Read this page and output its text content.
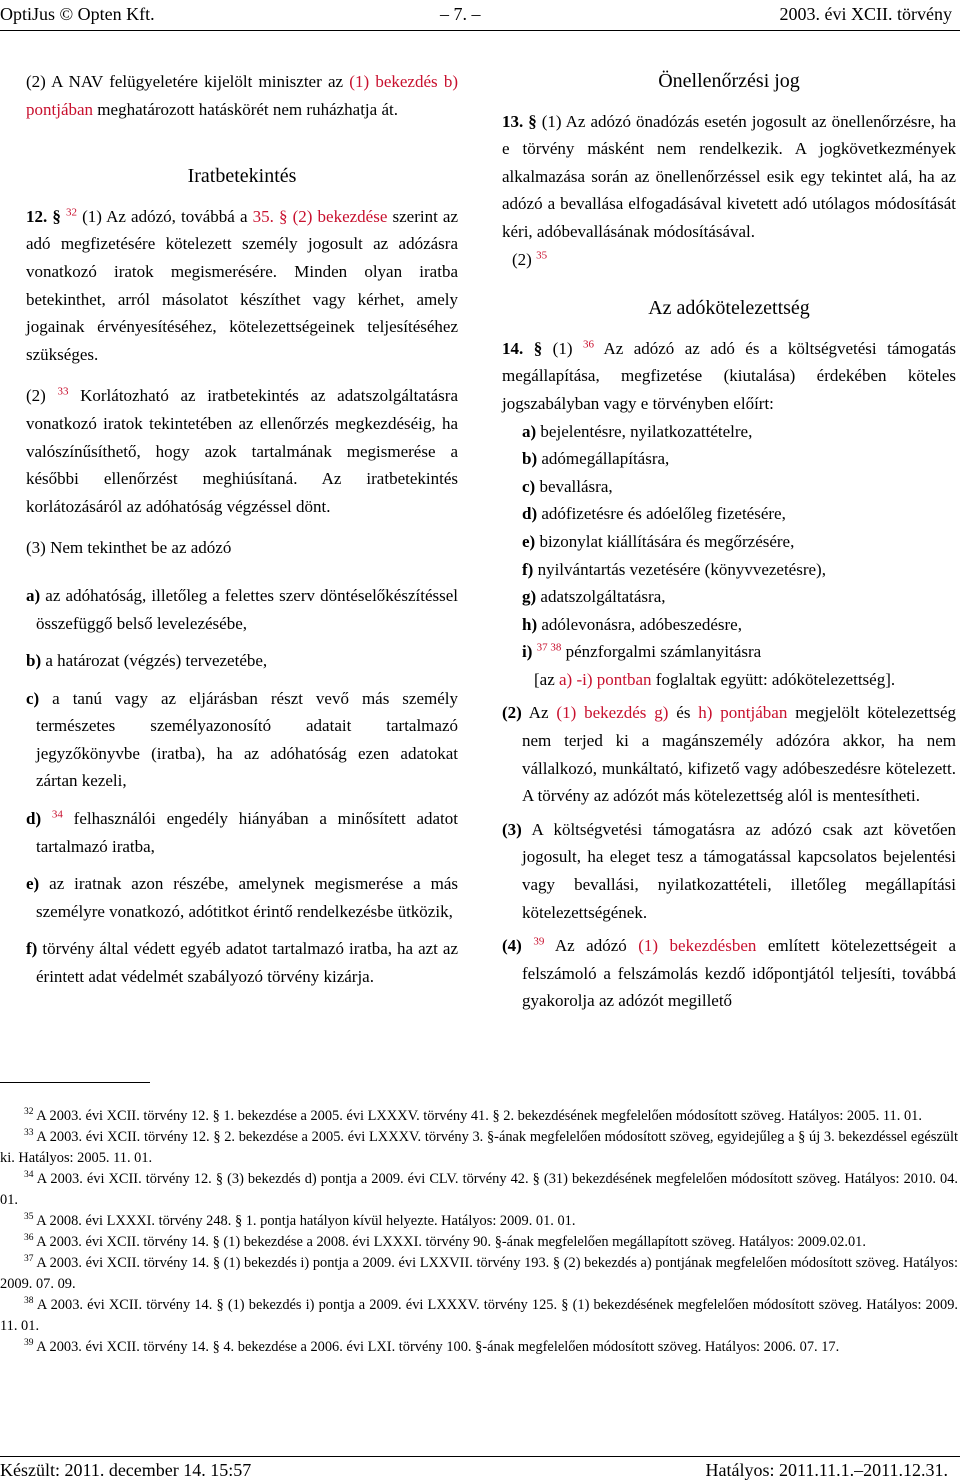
OptiJus © Opten Kft.	– 7. –	2003. évi XCII. törvény

(2) A NAV felügyeletére kijelölt miniszter az (1) bekezdés b) pontjában meghatározott hatáskörét nem ruházhatja át.

Iratbetekintés

12. § $^{32}$ (1) Az adózó, továbbá a 35. § (2) bekezdése szerint az adó megfizetésére kötelezett személy jogosult az adózásra vonatkozó iratok megismerésére. Minden olyan iratba betekinthet, arról másolatot készíthet vagy kérhet, amely jogainak érvényesítéséhez, kötelezettségeinek teljesítéséhez szükséges.

(2) $^{33}$ Korlátozható az iratbetekintés az adatszolgáltatásra vonatkozó iratok tekintetében az ellenőrzés megkezdéséig, ha valószínűsíthető, hogy azok tartalmának megismerése a későbbi ellenőrzést meghiúsítaná. Az iratbetekintés korlátozásáról az adóhatóság végzéssel dönt.

(3) Nem tekinthet be az adózó

a) az adóhatóság, illetőleg a felettes szerv döntéselőkészítéssel összefüggő belső levelezésébe,

b) a határozat (végzés) tervezetébe,

c) a tanú vagy az eljárásban részt vevő más személy természetes személyazonosító adatait tartalmazó jegyzőkönyvbe (iratba), ha az adóhatóság ezen adatokat zártan kezeli,

d) $^{34}$ felhasználói engedély hiányában a minősített adatot tartalmazó iratba,

e) az iratnak azon részébe, amelynek megismerése a más személyre vonatkozó, adótitkot érintő rendelkezésbe ütközik,

f) törvény által védett egyéb adatot tartalmazó iratba, ha azt az érintett adat védelmét szabályozó törvény kizárja.

Önellenőrzési jog

13. § (1) Az adózó önadózás esetén jogosult az önellenőrzésre, ha e törvény másként nem rendelkezik. A jogkövetkezmények alkalmazása során az önellenőrzéssel esik egy tekintet alá, ha az adózó a bevallása elfogadásával kivetett adó utólagos módosítását kéri, adóbevallásának módosításával.

(2) $^{35}$

Az adókötelezettség

14. § (1) $^{36}$ Az adózó az adó és a költségvetési támogatás megállapítása, megfizetése (kiutalása) érdekében köteles jogszabályban vagy e törvényben előírt:

a) bejelentésre, nyilatkozattételre,

b) adómegállapításra,

c) bevallásra,

d) adófizetésre és adóelőleg fizetésére,

e) bizonylat kiállítására és megőrzésére,

f) nyilvántartás vezetésére (könyvvezetésre),

g) adatszolgáltatásra,

h) adólevonásra, adóbeszedésre,

i) $^{37 38}$ pénzforgalmi számlanyitásra

[az a) -i) pontban foglaltak együtt: adókötelezettség].

(2) Az (1) bekezdés g) és h) pontjában megjelölt kötelezettség nem terjed ki a magánszemély adózóra akkor, ha nem vállalkozó, munkáltató, kifizető vagy adóbeszedésre kötelezett. A törvény az adózót más kötelezettség alól is mentesítheti.

(3) A költségvetési támogatásra az adózó csak azt követően jogosult, ha eleget tesz a támogatással kapcsolatos bejelentési vagy bevallási, nyilatkozattételi, illetőleg megállapítási kötelezettségének.

(4) $^{39}$ Az adózó (1) bekezdésben említett kötelezettségeit a felszámoló a felszámolás kezdő időpontjától teljesíti, továbbá gyakorolja az adózót megillető

$^{32}$ A 2003. évi XCII. törvény 12. § 1. bekezdése a 2005. évi LXXXV. törvény 41. § 2. bekezdésének megfelelően módosított szöveg. Hatályos: 2005. 11. 01.

$^{33}$ A 2003. évi XCII. törvény 12. § 2. bekezdése a 2005. évi LXXXV. törvény 3. §-ának megfelelően módosított szöveg, egyidejűleg a § új 3. bekezdéssel egészült ki. Hatályos: 2005. 11. 01.

$^{34}$ A 2003. évi XCII. törvény 12. § (3) bekezdés d) pontja a 2009. évi CLV. törvény 42. § (31) bekezdésének megfelelően módosított szöveg. Hatályos: 2010. 04. 01.

$^{35}$ A 2008. évi LXXXI. törvény 248. § 1. pontja hatályon kívül helyezte. Hatályos: 2009. 01. 01.

$^{36}$ A 2003. évi XCII. törvény 14. § (1) bekezdése a 2008. évi LXXXI. törvény 90. §-ának megfelelően megállapított szöveg. Hatályos: 2009.02.01.

$^{37}$ A 2003. évi XCII. törvény 14. § (1) bekezdés i) pontja a 2009. évi LXXVII. törvény 193. § (2) bekezdés a) pontjának megfelelően módosított szöveg. Hatályos: 2009. 07. 09.

$^{38}$ A 2003. évi XCII. törvény 14. § (1) bekezdés i) pontja a 2009. évi LXXXV. törvény 125. § (1) bekezdésének megfelelően módosított szöveg. Hatályos: 2009. 11. 01.

$^{39}$ A 2003. évi XCII. törvény 14. § 4. bekezdése a 2006. évi LXI. törvény 100. §-ának megfelelően módosított szöveg. Hatályos: 2006. 07. 17.

Készült: 2011. december 14. 15:57	Hatályos: 2011.11.1.–2011.12.31.
